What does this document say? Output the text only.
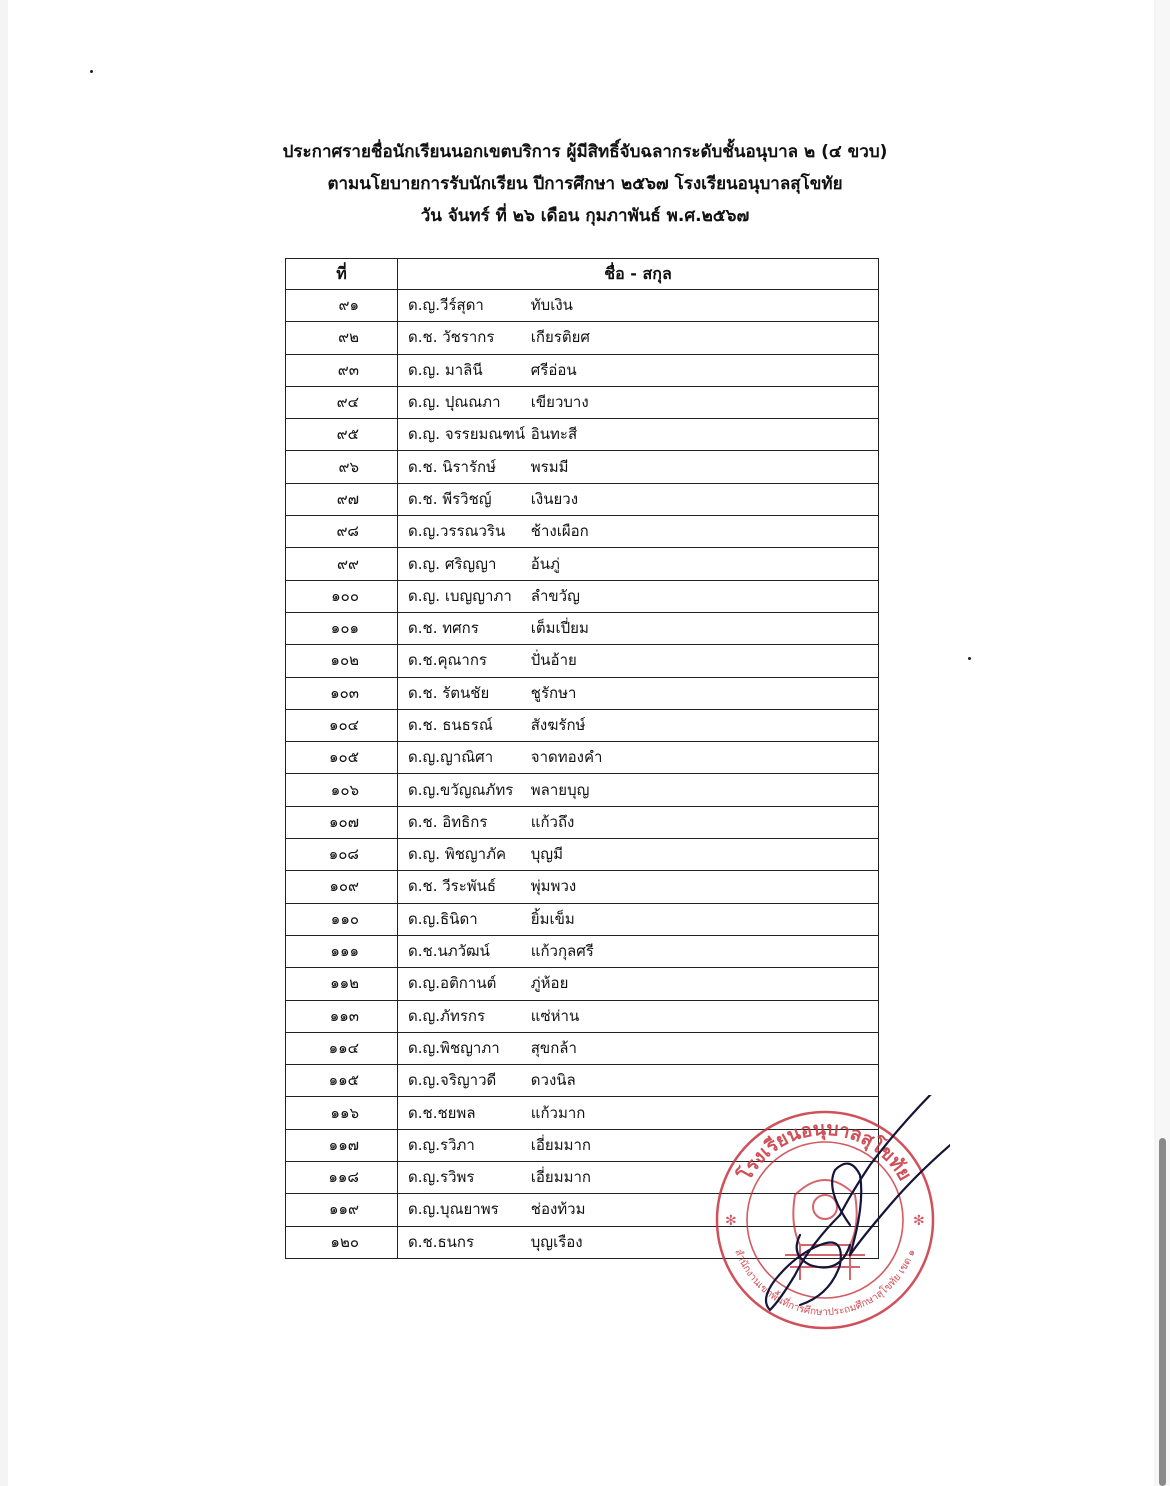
ประกาศรายชื่อนักเรียนนอกเขตบริการ ผู้มีสิทธิ์จับฉลากระดับชั้นอนุบาล ๒ (๔ ขวบ)
ตามนโยบายการรับนักเรียน ปีการศึกษา ๒๕๖๗ โรงเรียนอนุบาลสุโขทัย
วัน จันทร์ ที่ ๒๖ เดือน กุมภาพันธ์ พ.ศ.๒๕๖๗
ที่	ชื่อ - สกุล
๙๑	ด.ญ.วีร์สุดา ทับเงิน
๙๒	ด.ช. วัชรากร เกียรติยศ
๙๓	ด.ญ. มาลินี ศรีอ่อน
๙๔	ด.ญ. ปุณณภา เขียวบาง
๙๕	ด.ญ. จรรยมณฑน์ อินทะสี
๙๖	ด.ช. นิรารักษ์ พรมมี
๙๗	ด.ช. พีรวิชญ์ เงินยวง
๙๘	ด.ญ.วรรณวริน ช้างเผือก
๙๙	ด.ญ. ศริญญา อ้นภู่
๑๐๐	ด.ญ. เบญญาภา ลำขวัญ
๑๐๑	ด.ช. ทศกร เต็มเปี่ยม
๑๐๒	ด.ช.คุณากร ปั่นอ้าย
๑๐๓	ด.ช. รัตนชัย ชูรักษา
๑๐๔	ด.ช. ธนธรณ์ สังฆรักษ์
๑๐๕	ด.ญ.ญาณิศา จาดทองคำ
๑๐๖	ด.ญ.ขวัญณภัทร พลายบุญ
๑๐๗	ด.ช. อิทธิกร แก้วถึง
๑๐๘	ด.ญ. พิชญาภัค บุญมี
๑๐๙	ด.ช. วีระพันธ์ พุ่มพวง
๑๑๐	ด.ญ.ธินิดา ยิ้มเข็ม
๑๑๑	ด.ช.นภวัฒน์ แก้วกุลศรี
๑๑๒	ด.ญ.อติกานต์ ภู่ห้อย
๑๑๓	ด.ญ.ภัทรกร แซ่ห่าน
๑๑๔	ด.ญ.พิชญาภา สุขกล้า
๑๑๕	ด.ญ.จริญาวดี ดวงนิล
๑๑๖	ด.ช.ชยพล แก้วมาก
๑๑๗	ด.ญ.รวิภา เอี่ยมมาก
๑๑๘	ด.ญ.รวิพร เอี่ยมมาก
๑๑๙	ด.ญ.บุณยาพร ช่องท้วม
๑๒๐	ด.ช.ธนกร บุญเรือง
โรงเรียนอนุบาลสุโขทัย
สำนักงานเขตพื้นที่การศึกษาประถมศึกษาสุโขทัย เขต ๑
✻	✻
